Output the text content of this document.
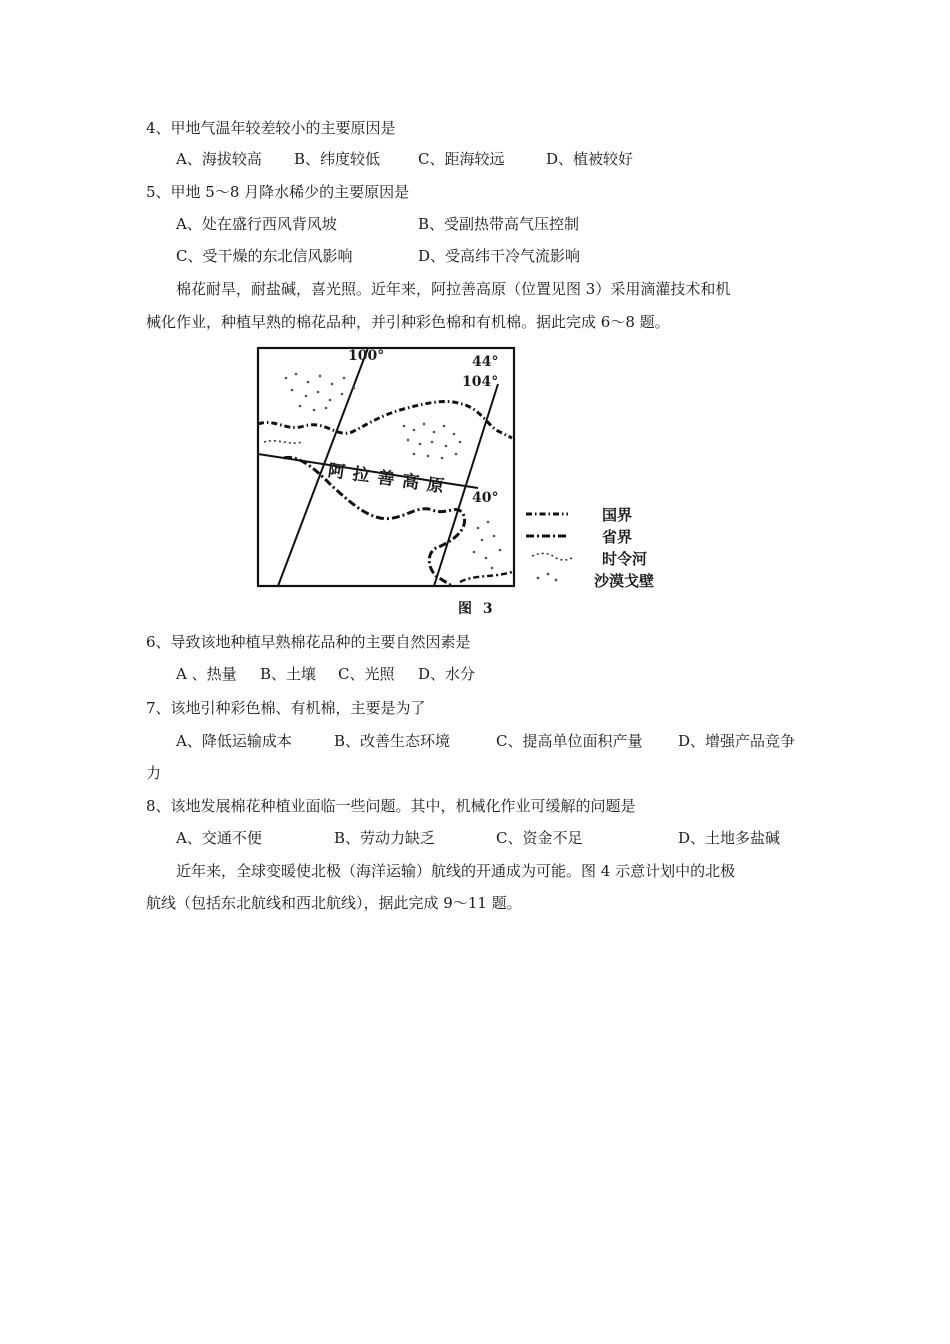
4、甲地气温年较差较小的主要原因是
A、海拔较高 B、纬度较低	C、距海较远	D、植被较好
5、甲地 5～8 月降水稀少的主要原因是
A、处在盛行西风背风坡	B、受副热带高气压控制
C、受干燥的东北信风影响	D、受高纬干冷气流影响
棉花耐旱，耐盐碱，喜光照。近年来，阿拉善高原（位置见图 3）采用滴灌技术和机
械化作业，种植早熟的棉花品种，并引种彩色棉和有机棉。据此完成 6～8 题。
100°	44°
104°
40°
阿拉善高原
国界
省界
时令河
沙漠戈壁
图 3
6、导致该地种植早熟棉花品种的主要自然因素是
A 、热量 B、土壤 C、光照 D、水分
7、该地引种彩色棉、有机棉，主要是为了
A、降低运输成本	B、改善生态环境	C、提高单位面积产量 D、增强产品竞争
力
8、该地发展棉花种植业面临一些问题。其中，机械化作业可缓解的问题是
A、交通不便	B、劳动力缺乏	C、资金不足	D、土地多盐碱
近年来，全球变暖使北极（海洋运输）航线的开通成为可能。图 4 示意计划中的北极
航线（包括东北航线和西北航线），据此完成 9～11 题。
